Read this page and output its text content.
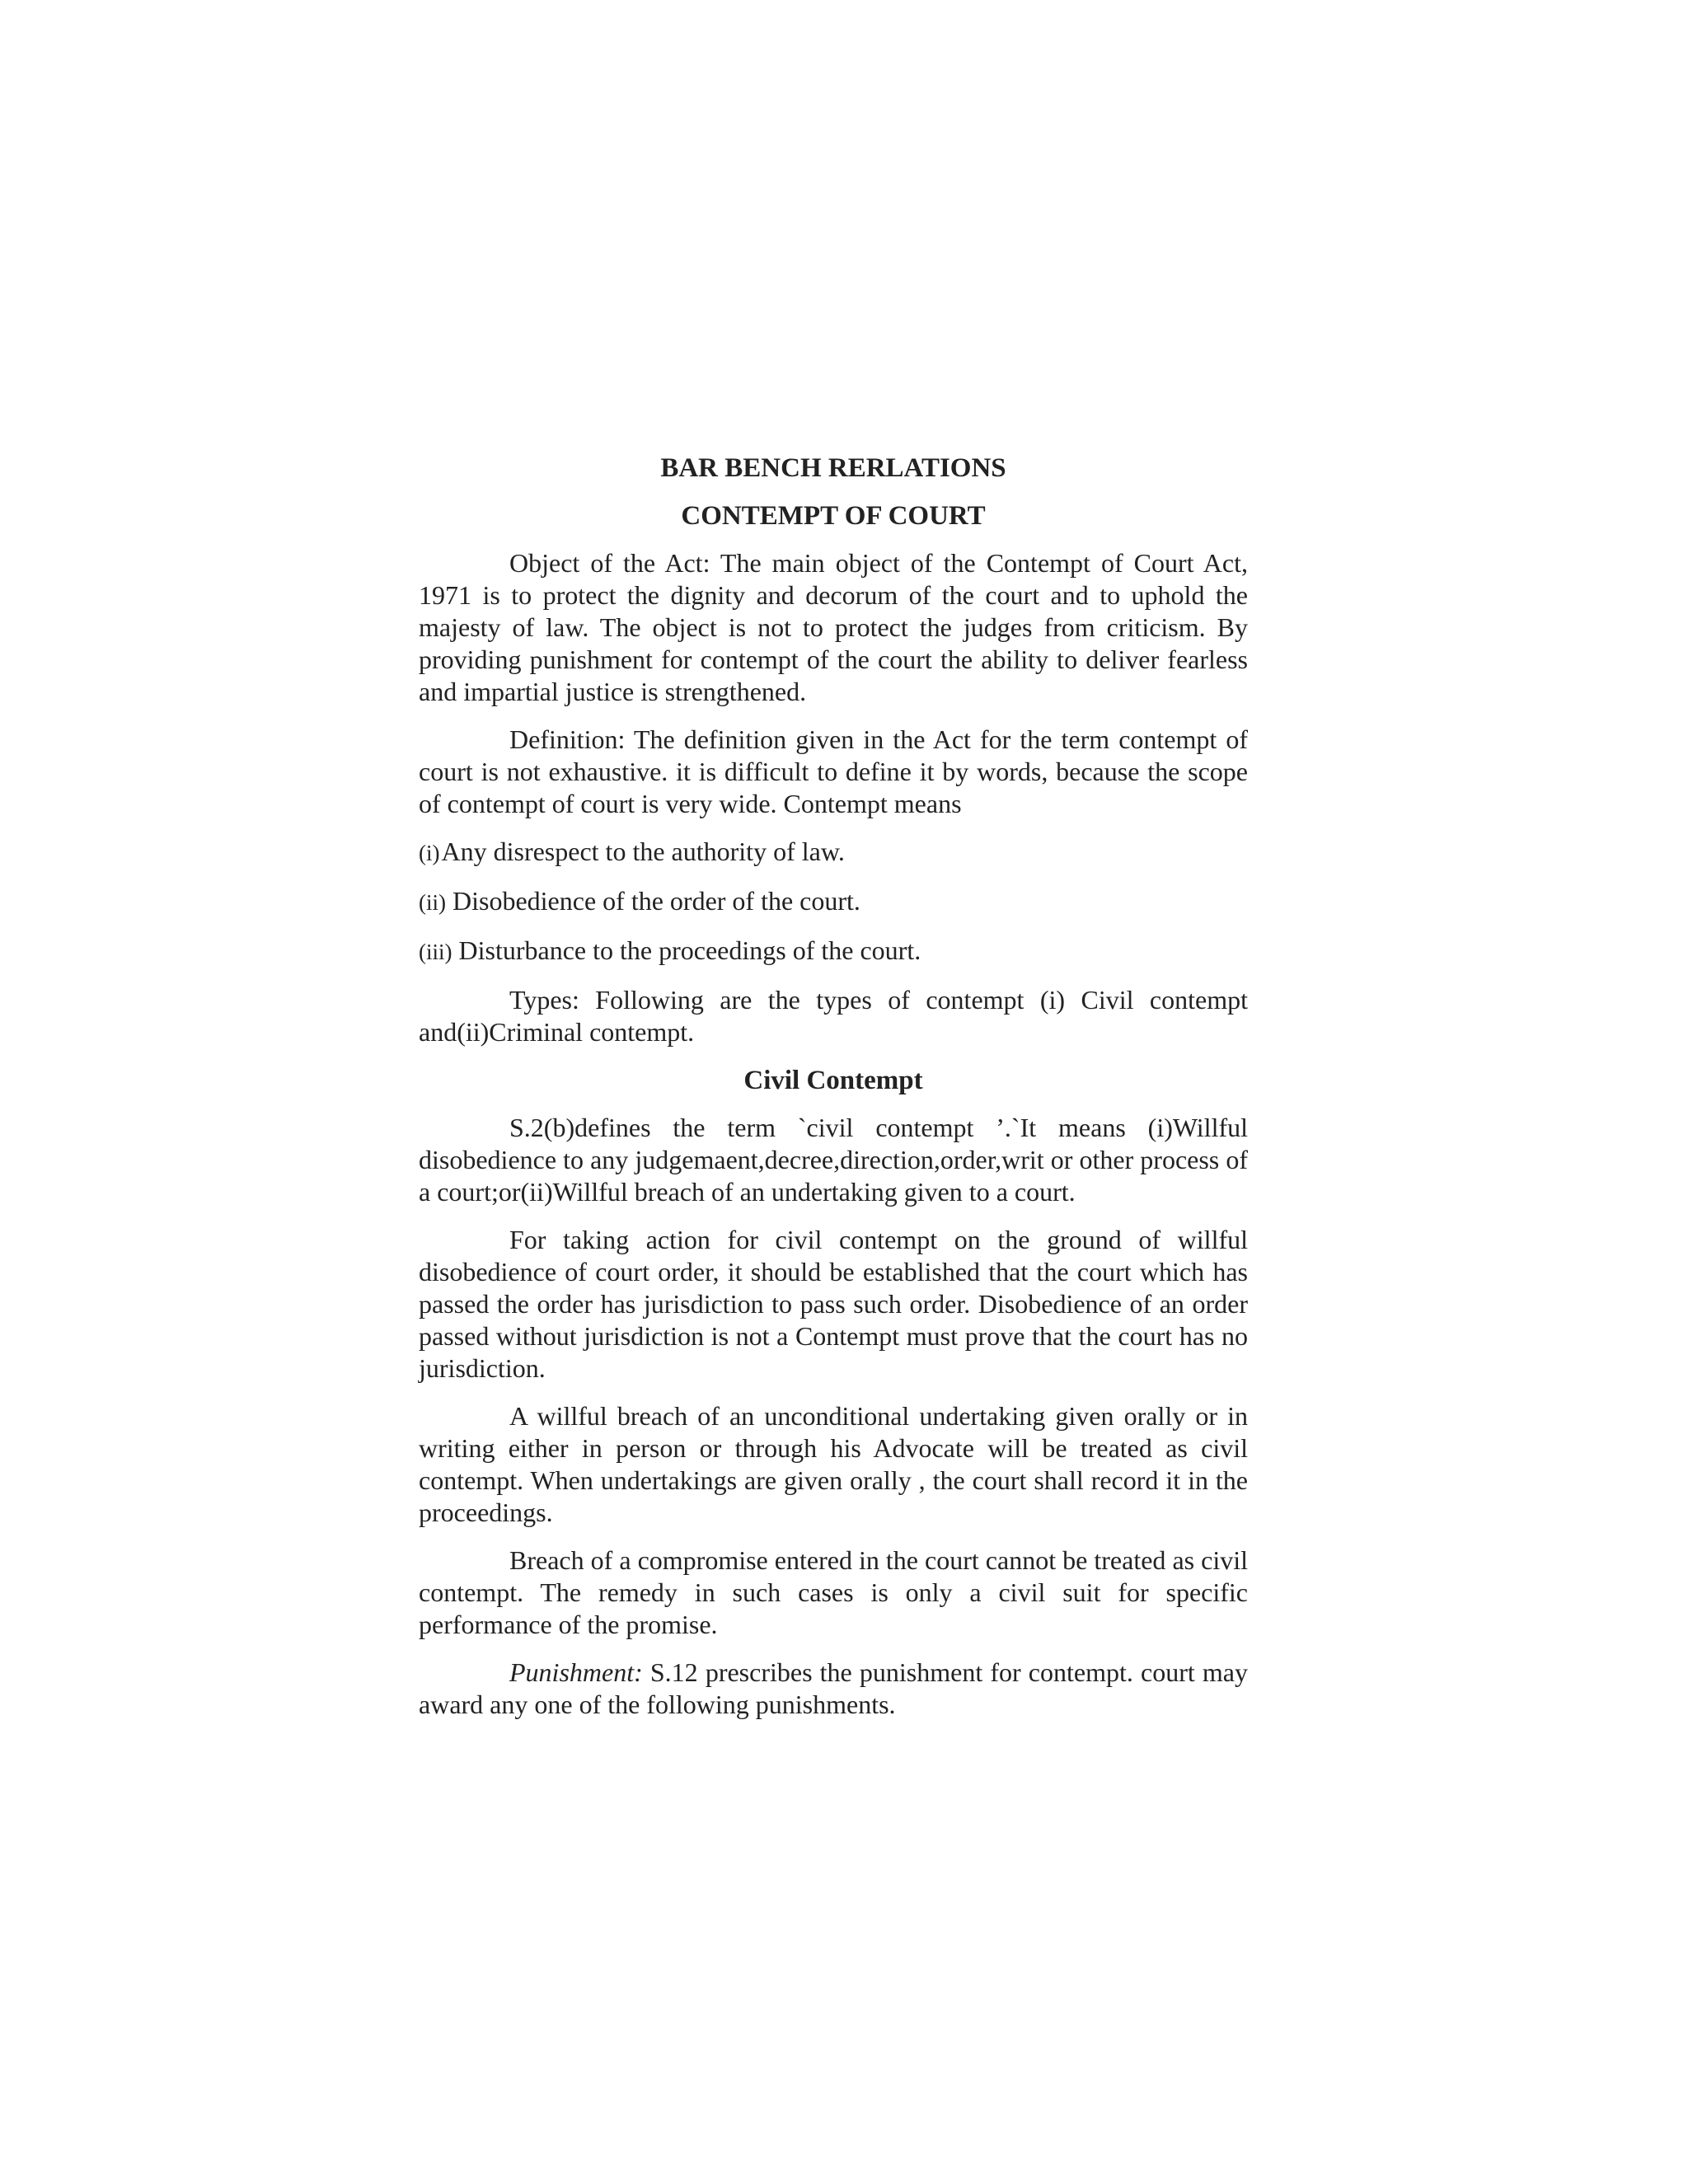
BAR BENCH RERLATIONS
CONTEMPT OF COURT

Object of the Act: The main object of the Contempt of Court Act, 1971 is to protect the dignity and decorum of the court and to uphold the majesty of law. The object is not to protect the judges from criticism. By providing punishment for contempt of the court the ability to deliver fearless and impartial justice is strengthened.

Definition: The definition given in the Act for the term contempt of court is not exhaustive. it is difficult to define it by words, because the scope of contempt of court is very wide. Contempt means

(i)Any disrespect to the authority of law.
(ii) Disobedience of the order of the court.
(iii) Disturbance to the proceedings of the court.

Types: Following are the types of contempt (i) Civil contempt and(ii)Criminal contempt.

Civil Contempt

S.2(b)defines the term `civil contempt ’.`It means (i)Willful disobedience to any judgemaent,decree,direction,order,writ or other process of a court;or(ii)Willful breach of an undertaking given to a court.

For taking action for civil contempt on the ground of willful disobedience of court order, it should be established that the court which has passed the order has jurisdiction to pass such order. Disobedience of an order passed without jurisdiction is not a Contempt must prove that the court has no jurisdiction.

A willful breach of an unconditional undertaking given orally or in writing either in person or through his Advocate will be treated as civil contempt. When undertakings are given orally , the court shall record it in the proceedings.

Breach of a compromise entered in the court cannot be treated as civil contempt. The remedy in such cases is only a civil suit for specific performance of the promise.

Punishment: S.12 prescribes the punishment for contempt. court may award any one of the following punishments.
